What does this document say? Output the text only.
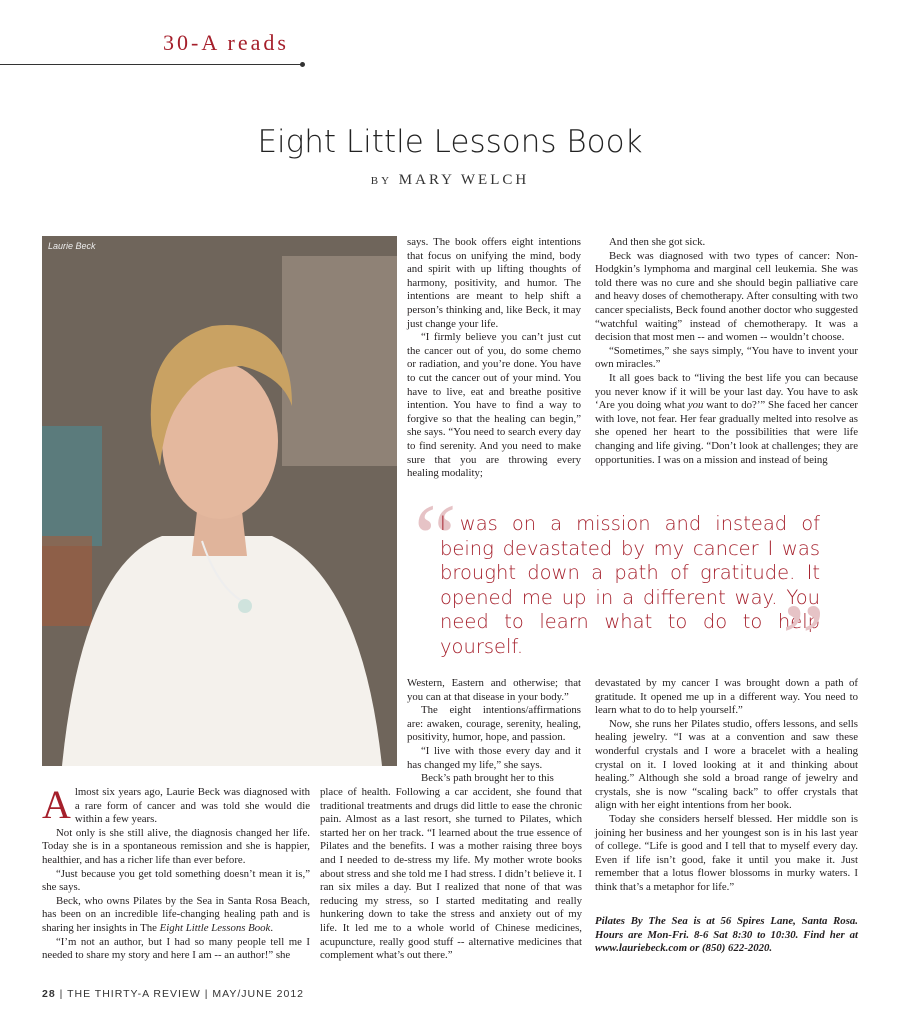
30-A reads
Eight Little Lessons Book
BY MARY WELCH
Laurie Beck	says. The book offers eight intentions that focus on unifying the mind, body and spirit with up lifting thoughts of harmony, positivity, and humor. The intentions are meant to help shift a person’s thinking and, like Beck, it may just change your life.

“I firmly believe you can’t just cut the cancer out of you, do some chemo or radiation, and you’re done. You have to cut the cancer out of your mind. You have to live, eat and breathe positive intention. You have to find a way to forgive so that the healing can begin,” she says. “You need to search every day to find serenity. And you need to make sure that you are throwing every healing modality;

And then she got sick.

Beck was diagnosed with two types of cancer: Non-Hodgkin’s lymphoma and marginal cell leukemia. She was told there was no cure and she should begin palliative care and heavy doses of chemotherapy. After consulting with two cancer specialists, Beck found another doctor who suggested “watchful waiting” instead of chemotherapy. It was a decision that most men -- and women -- wouldn’t choose.

“Sometimes,” she says simply, “You have to invent your own miracles.”

It all goes back to “living the best life you can because you never know if it will be your last day. You have to ask ‘Are you doing what you want to do?’” She faced her cancer with love, not fear. Her fear gradually melted into resolve as she opened her heart to the possibilities that were life changing and life giving. “Don’t look at challenges; they are opportunities. I was on a mission and instead of being

“
I was on a mission and instead of being devastated by my cancer I was brought down a path of gratitude. It opened me up in a different way. You need to learn what to do to help yourself.	”

Western, Eastern and otherwise; that you can at that disease in your body.”

The eight intentions/affirmations are: awaken, courage, serenity, healing, positivity, humor, hope, and passion.

“I live with those every day and it has changed my life,” she says.

Beck’s path brought her to this

Almost six years ago, Laurie Beck was diagnosed with a rare form of cancer and was told she would die within a few years.

Not only is she still alive, the diagnosis changed her life. Today she is in a spontaneous remission and she is happier, healthier, and has a richer life than ever before.

“Just because you get told something doesn’t mean it is,” she says.

Beck, who owns Pilates by the Sea in Santa Rosa Beach, has been on an incredible life-changing healing path and is sharing her insights in The Eight Little Lessons Book.

“I’m not an author, but I had so many people tell me I needed to share my story and here I am -- an author!” she

place of health. Following a car accident, she found that traditional treatments and drugs did little to ease the chronic pain. Almost as a last resort, she turned to Pilates, which started her on her track. “I learned about the true essence of Pilates and the benefits. I was a mother raising three boys and I needed to de-stress my life. My mother wrote books about stress and she told me I had stress. I didn’t believe it. I ran six miles a day. But I realized that none of that was reducing my stress, so I started meditating and really hunkering down to take the stress and anxiety out of my life. It led me to a whole world of Chinese medicines, acupuncture, really good stuff -- alternative medicines that complement what’s out there.”

devastated by my cancer I was brought down a path of gratitude. It opened me up in a different way. You need to learn what to do to help yourself.”

Now, she runs her Pilates studio, offers lessons, and sells healing jewelry. “I was at a convention and saw these wonderful crystals and I wore a bracelet with a healing crystal on it. I loved looking at it and thinking about healing.” Although she sold a broad range of jewelry and crystals, she is now “scaling back” to offer crystals that align with her eight intentions from her book.

Today she considers herself blessed. Her middle son is joining her business and her youngest son is in his last year of college. “Life is good and I tell that to myself every day. Even if life isn’t good, fake it until you make it. Just remember that a lotus flower blossoms in murky waters. I think that’s a metaphor for life.”

Pilates By The Sea is at 56 Spires Lane, Santa Rosa. Hours are Mon-Fri. 8-6 Sat 8:30 to 10:30. Find her at www.lauriebeck.com or (850) 622-2020.
28 | THE THIRTY-A REVIEW | MAY/JUNE 2012
